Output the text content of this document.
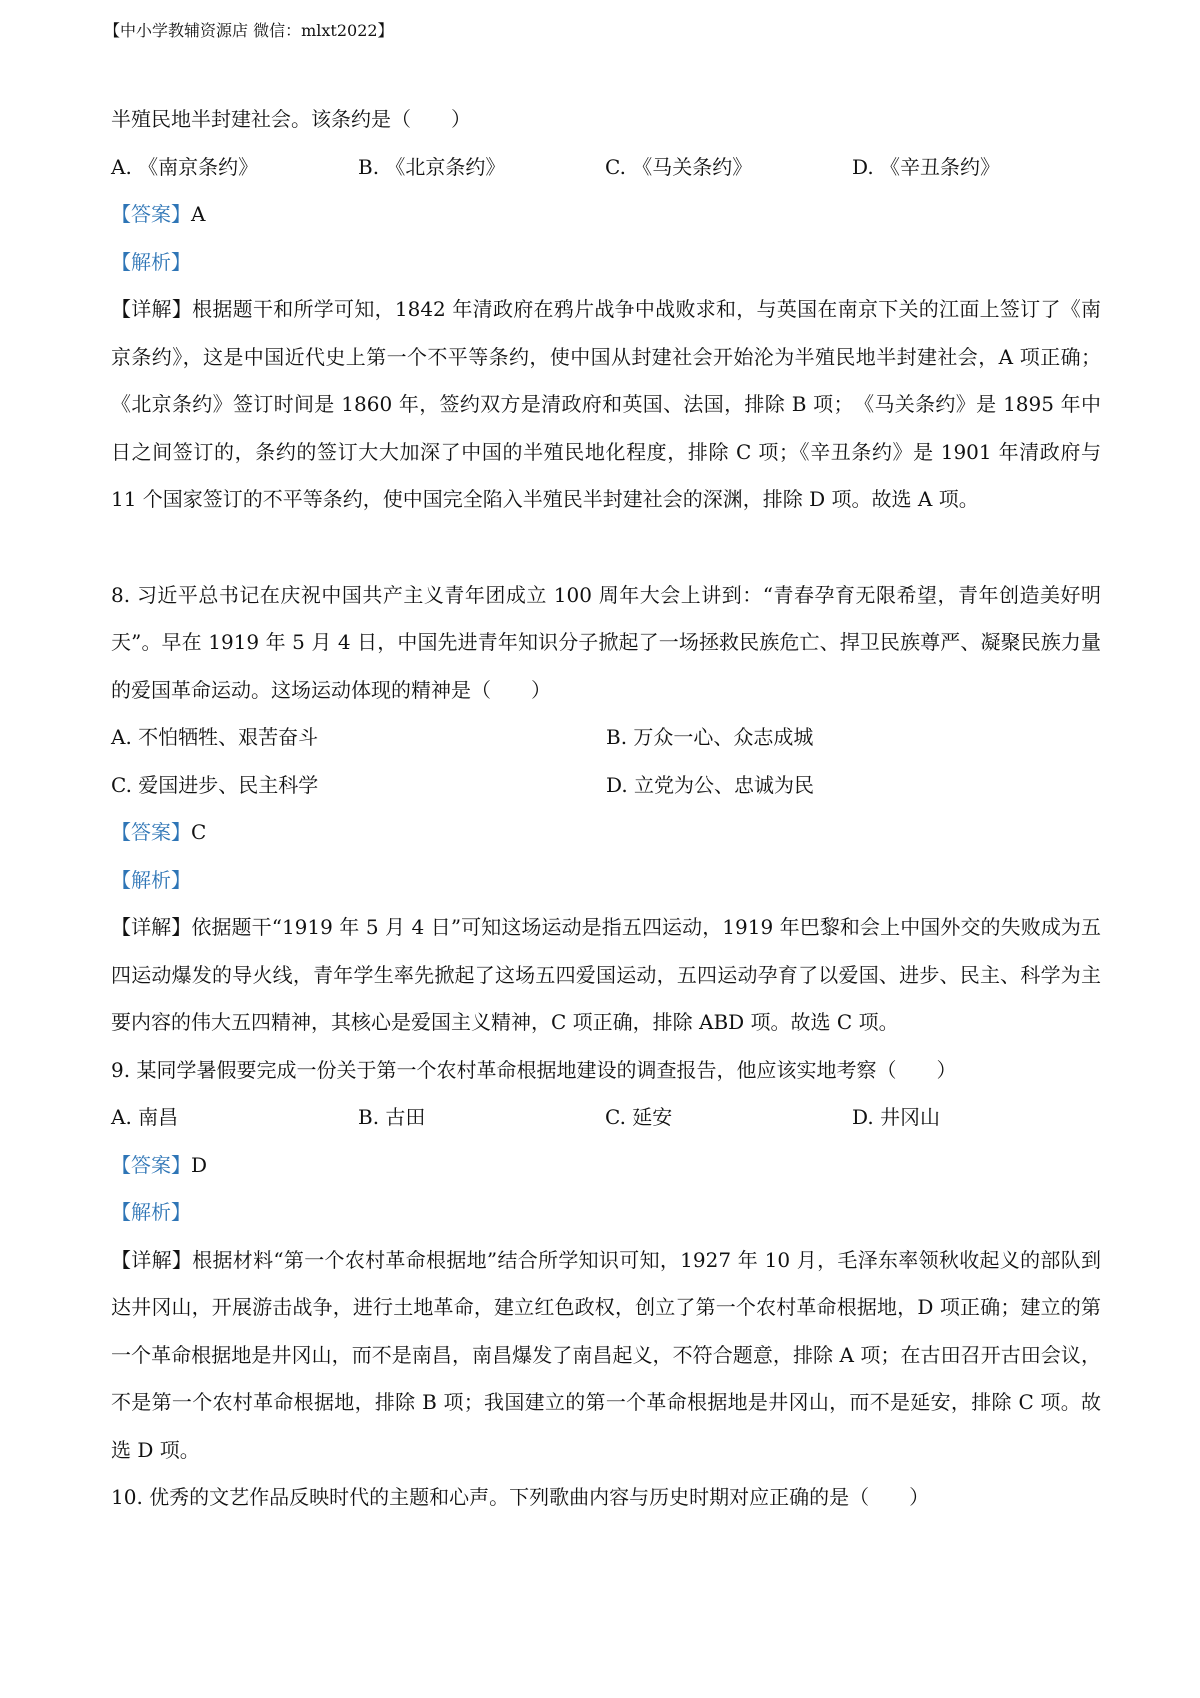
【中小学教辅资源店 微信：mlxt2022】
半殖民地半封建社会。该条约是（　　）
A. 《南京条约》	B. 《北京条约》	C. 《马关条约》	D. 《辛丑条约》
【答案】A
【解析】

【详解】根据题干和所学可知，1842 年清政府在鸦片战争中战败求和，与英国在南京下关的江面上签订了《南京条约》，这是中国近代史上第一个不平等条约，使中国从封建社会开始沦为半殖民地半封建社会，A 项正确；《北京条约》签订时间是 1860 年，签约双方是清政府和英国、法国，排除 B 项；　《马关条约》是 1895 年中日之间签订的，条约的签订大大加深了中国的半殖民地化程度，排除 C 项；《辛丑条约》是 1901 年清政府与 11 个国家签订的不平等条约，使中国完全陷入半殖民半封建社会的深渊，排除 D 项。故选 A 项。

8. 习近平总书记在庆祝中国共产主义青年团成立 100 周年大会上讲到：“青春孕育无限希望，青年创造美好明天”。早在 1919 年 5 月 4 日，中国先进青年知识分子掀起了一场拯救民族危亡、捍卫民族尊严、凝聚民族力量的爱国革命运动。这场运动体现的精神是（　　）

A. 不怕牺牲、艰苦奋斗	B. 万众一心、众志成城
C. 爱国进步、民主科学	D. 立党为公、忠诚为民
【答案】C
【解析】

【详解】依据题干“1919 年 5 月 4 日”可知这场运动是指五四运动，1919 年巴黎和会上中国外交的失败成为五四运动爆发的导火线，青年学生率先掀起了这场五四爱国运动，五四运动孕育了以爱国、进步、民主、科学为主要内容的伟大五四精神，其核心是爱国主义精神，C 项正确，排除 ABD 项。故选 C 项。

9. 某同学暑假要完成一份关于第一个农村革命根据地建设的调查报告，他应该实地考察（　　）
A. 南昌	B. 古田	C. 延安	D. 井冈山
【答案】D
【解析】

【详解】根据材料“第一个农村革命根据地”结合所学知识可知，1927 年 10 月，毛泽东率领秋收起义的部队到达井冈山，开展游击战争，进行土地革命，建立红色政权，创立了第一个农村革命根据地，D 项正确；建立的第一个革命根据地是井冈山，而不是南昌，南昌爆发了南昌起义，不符合题意，排除 A 项；在古田召开古田会议，不是第一个农村革命根据地，排除 B 项；我国建立的第一个革命根据地是井冈山，而不是延安，排除 C 项。故选 D 项。

10. 优秀的文艺作品反映时代的主题和心声。下列歌曲内容与历史时期对应正确的是（　　）
